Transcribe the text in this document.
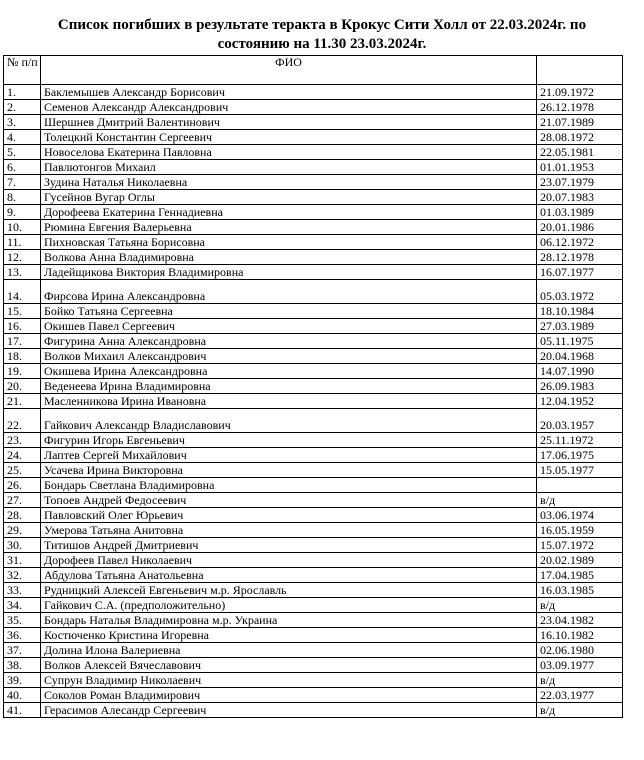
Список погибших в результате теракта в Крокус Сити Холл от 22.03.2024г. по
состоянию на 11.30 23.03.2024г.
№ п/п	ФИО	
1.	Баклемышев Александр Борисович	21.09.1972
2.	Семенов Александр Александрович	26.12.1978
3.	Шершнев Дмитрий Валентинович	21.07.1989
4.	Толецкий Константин Сергеевич	28.08.1972
5.	Новоселова Екатерина Павловна	22.05.1981
6.	Павлютонгов Михаил	01.01.1953
7.	Зудина Наталья Николаевна	23.07.1979
8.	Гусейнов Вугар Оглы	20.07.1983
9.	Дорофеева Екатерина Геннадиевна	01.03.1989
10.	Рюмина Евгения Валерьевна	20.01.1986
11.	Пихновская Татьяна Борисовна	06.12.1972
12.	Волкова Анна Владимировна	28.12.1978
13.	Ладейщикова Виктория Владимировна	16.07.1977
14.	Фирсова Ирина Александровна	05.03.1972
15.	Бойко Татьяна Сергеевна	18.10.1984
16.	Окишев Павел Сергеевич	27.03.1989
17.	Фигурина Анна Александровна	05.11.1975
18.	Волков Михаил Александрович	20.04.1968
19.	Окишева Ирина Александровна	14.07.1990
20.	Веденеева Ирина Владимировна	26.09.1983
21.	Масленникова Ирина Ивановна	12.04.1952
22.	Гайкович Александр Владиславович	20.03.1957
23.	Фигурин Игорь Евгеньевич	25.11.1972
24.	Лаптев Сергей Михайлович	17.06.1975
25.	Усачева Ирина Викторовна	15.05.1977
26.	Бондарь Светлана Владимировна	
27.	Топоев Андрей Федосеевич	в/д
28.	Павловский Олег Юрьевич	03.06.1974
29.	Умерова Татьяна Анитовна	16.05.1959
30.	Титишов Андрей Дмитриевич	15.07.1972
31.	Дорофеев Павел Николаевич	20.02.1989
32.	Абдулова Татьяна Анатольевна	17.04.1985
33.	Рудницкий Алексей Евгеньевич м.р. Ярославль	16.03.1985
34.	Гайкович С.А. (предположительно)	в/д
35.	Бондарь Наталья Владимировна м.р. Украина	23.04.1982
36.	Костюченко Кристина Игоревна	16.10.1982
37.	Долина Илона Валериевна	02.06.1980
38.	Волков Алексей Вячеславович	03.09.1977
39.	Супрун Владимир Николаевич	в/д
40.	Соколов Роман Владимирович	22.03.1977
41.	Герасимов Алесандр Сергеевич	в/д
